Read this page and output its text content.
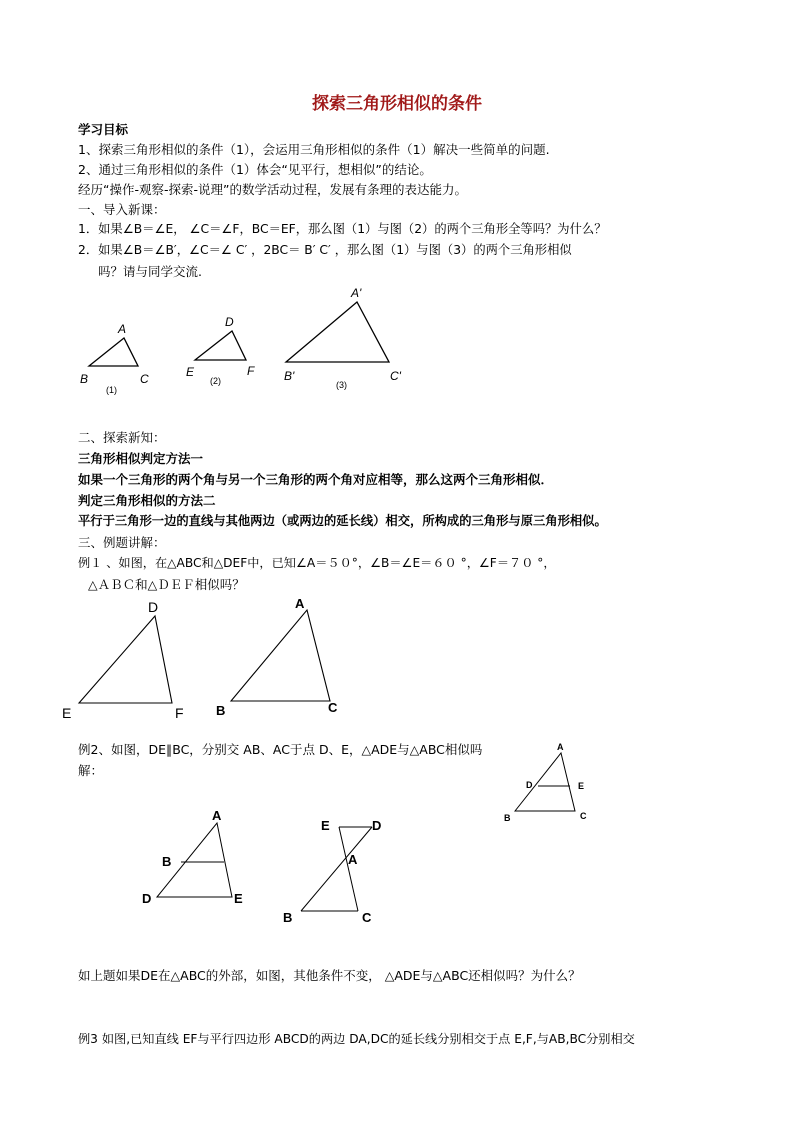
探索三角形相似的条件
学习目标
1、探索三角形相似的条件（1），会运用三角形相似的条件（1）解决一些简单的问题.
2、通过三角形相似的条件（1）体会“见平行，想相似”的结论。
经历“操作-观察-探索-说理”的数学活动过程，发展有条理的表达能力。
一、导入新课：
1．如果∠B＝∠E， ∠C＝∠F，BC＝EF，那么图（1）与图（2）的两个三角形全等吗？为什么？
2．如果∠B＝∠B′，∠C＝∠ C′ ，2BC＝ B′ C′ ，那么图（1）与图（3）的两个三角形相似
吗？请与同学交流.
二、探索新知：
三角形相似判定方法一
如果一个三角形的两个角与另一个三角形的两个角对应相等，那么这两个三角形相似．
判定三角形相似的方法二
平行于三角形一边的直线与其他两边（或两边的延长线）相交，所构成的三角形与原三角形相似。
三、例题讲解：
例１ 、如图，在△ABC和△DEF中，已知∠A＝５０°，∠B＝∠E＝６０ °，∠F＝７０ °，
△ＡＢＣ和△ＤＥＦ相似吗？
例2、如图，DE∥BC，分别交 AB、AC于点 D、E，△ADE与△ABC相似吗
解：
如上题如果DE在△ABC的外部，如图，其他条件不变， △ADE与△ABC还相似吗？为什么？
例3 如图,已知直线 EF与平行四边形 ABCD的两边 DA,DC的延长线分别相交于点 E,F,与AB,BC分别相交
A
B	C
(1)
D
E	F
(2)
A'
B'	C'
(3)
D
E	F
A
B	C
A
D	E
B	C
A
B
D	E
E	D
A
B	C
